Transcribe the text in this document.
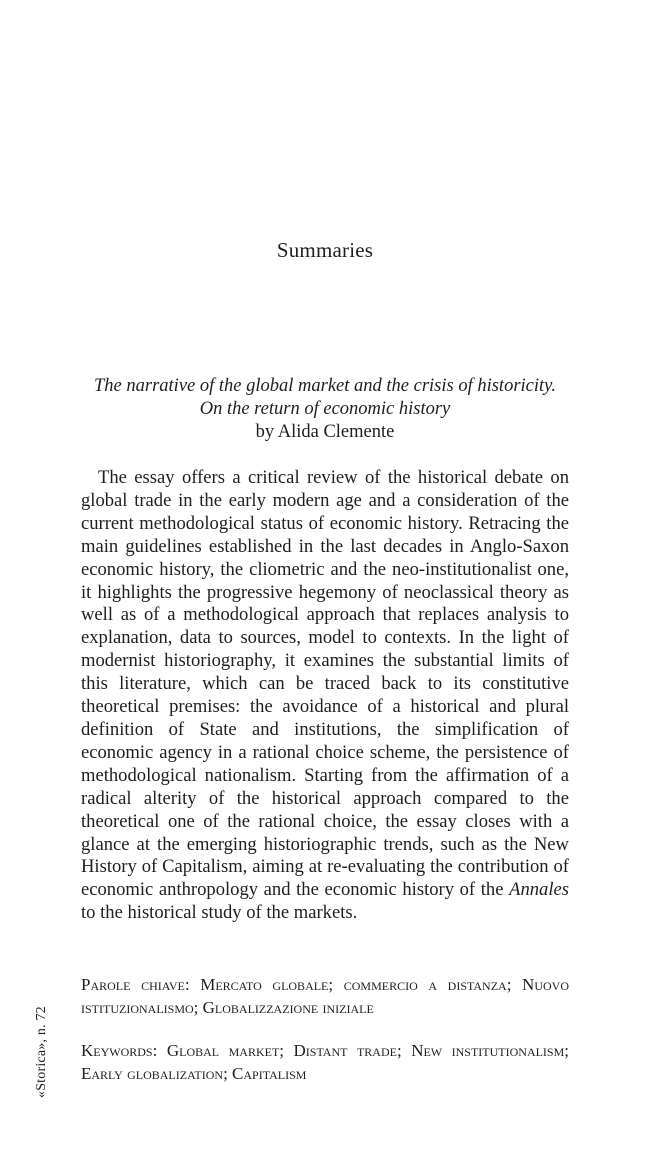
Summaries
The narrative of the global market and the crisis of historicity.
On the return of economic history
by Alida Clemente

The essay offers a critical review of the historical debate on global trade in the early modern age and a consideration of the current methodological status of economic history. Retracing the main guidelines established in the last decades in Anglo-Saxon economic history, the cliometric and the neo-institutionalist one, it highlights the progressive hegemony of neoclassical theory as well as of a methodological approach that replaces analysis to explanation, data to sources, model to contexts. In the light of modernist historiography, it examines the substantial limits of this literature, which can be traced back to its constitutive theoretical premises: the avoidance of a historical and plural definition of State and institutions, the simplification of economic agency in a rational choice scheme, the persistence of methodological nationalism. Starting from the affirmation of a radical alterity of the historical approach compared to the theoretical one of the rational choice, the essay closes with a glance at the emerging historiographic trends, such as the New History of Capitalism, aiming at re-evaluating the contribution of economic anthropology and the economic history of the Annales to the historical study of the markets.

Parole chiave: Mercato globale; commercio a distanza; Nuovo istituzionalismo; Globalizzazione iniziale

Keywords: Global market; Distant trade; New institutionalism; Early globalization; Capitalism

«Storica», n. 72
